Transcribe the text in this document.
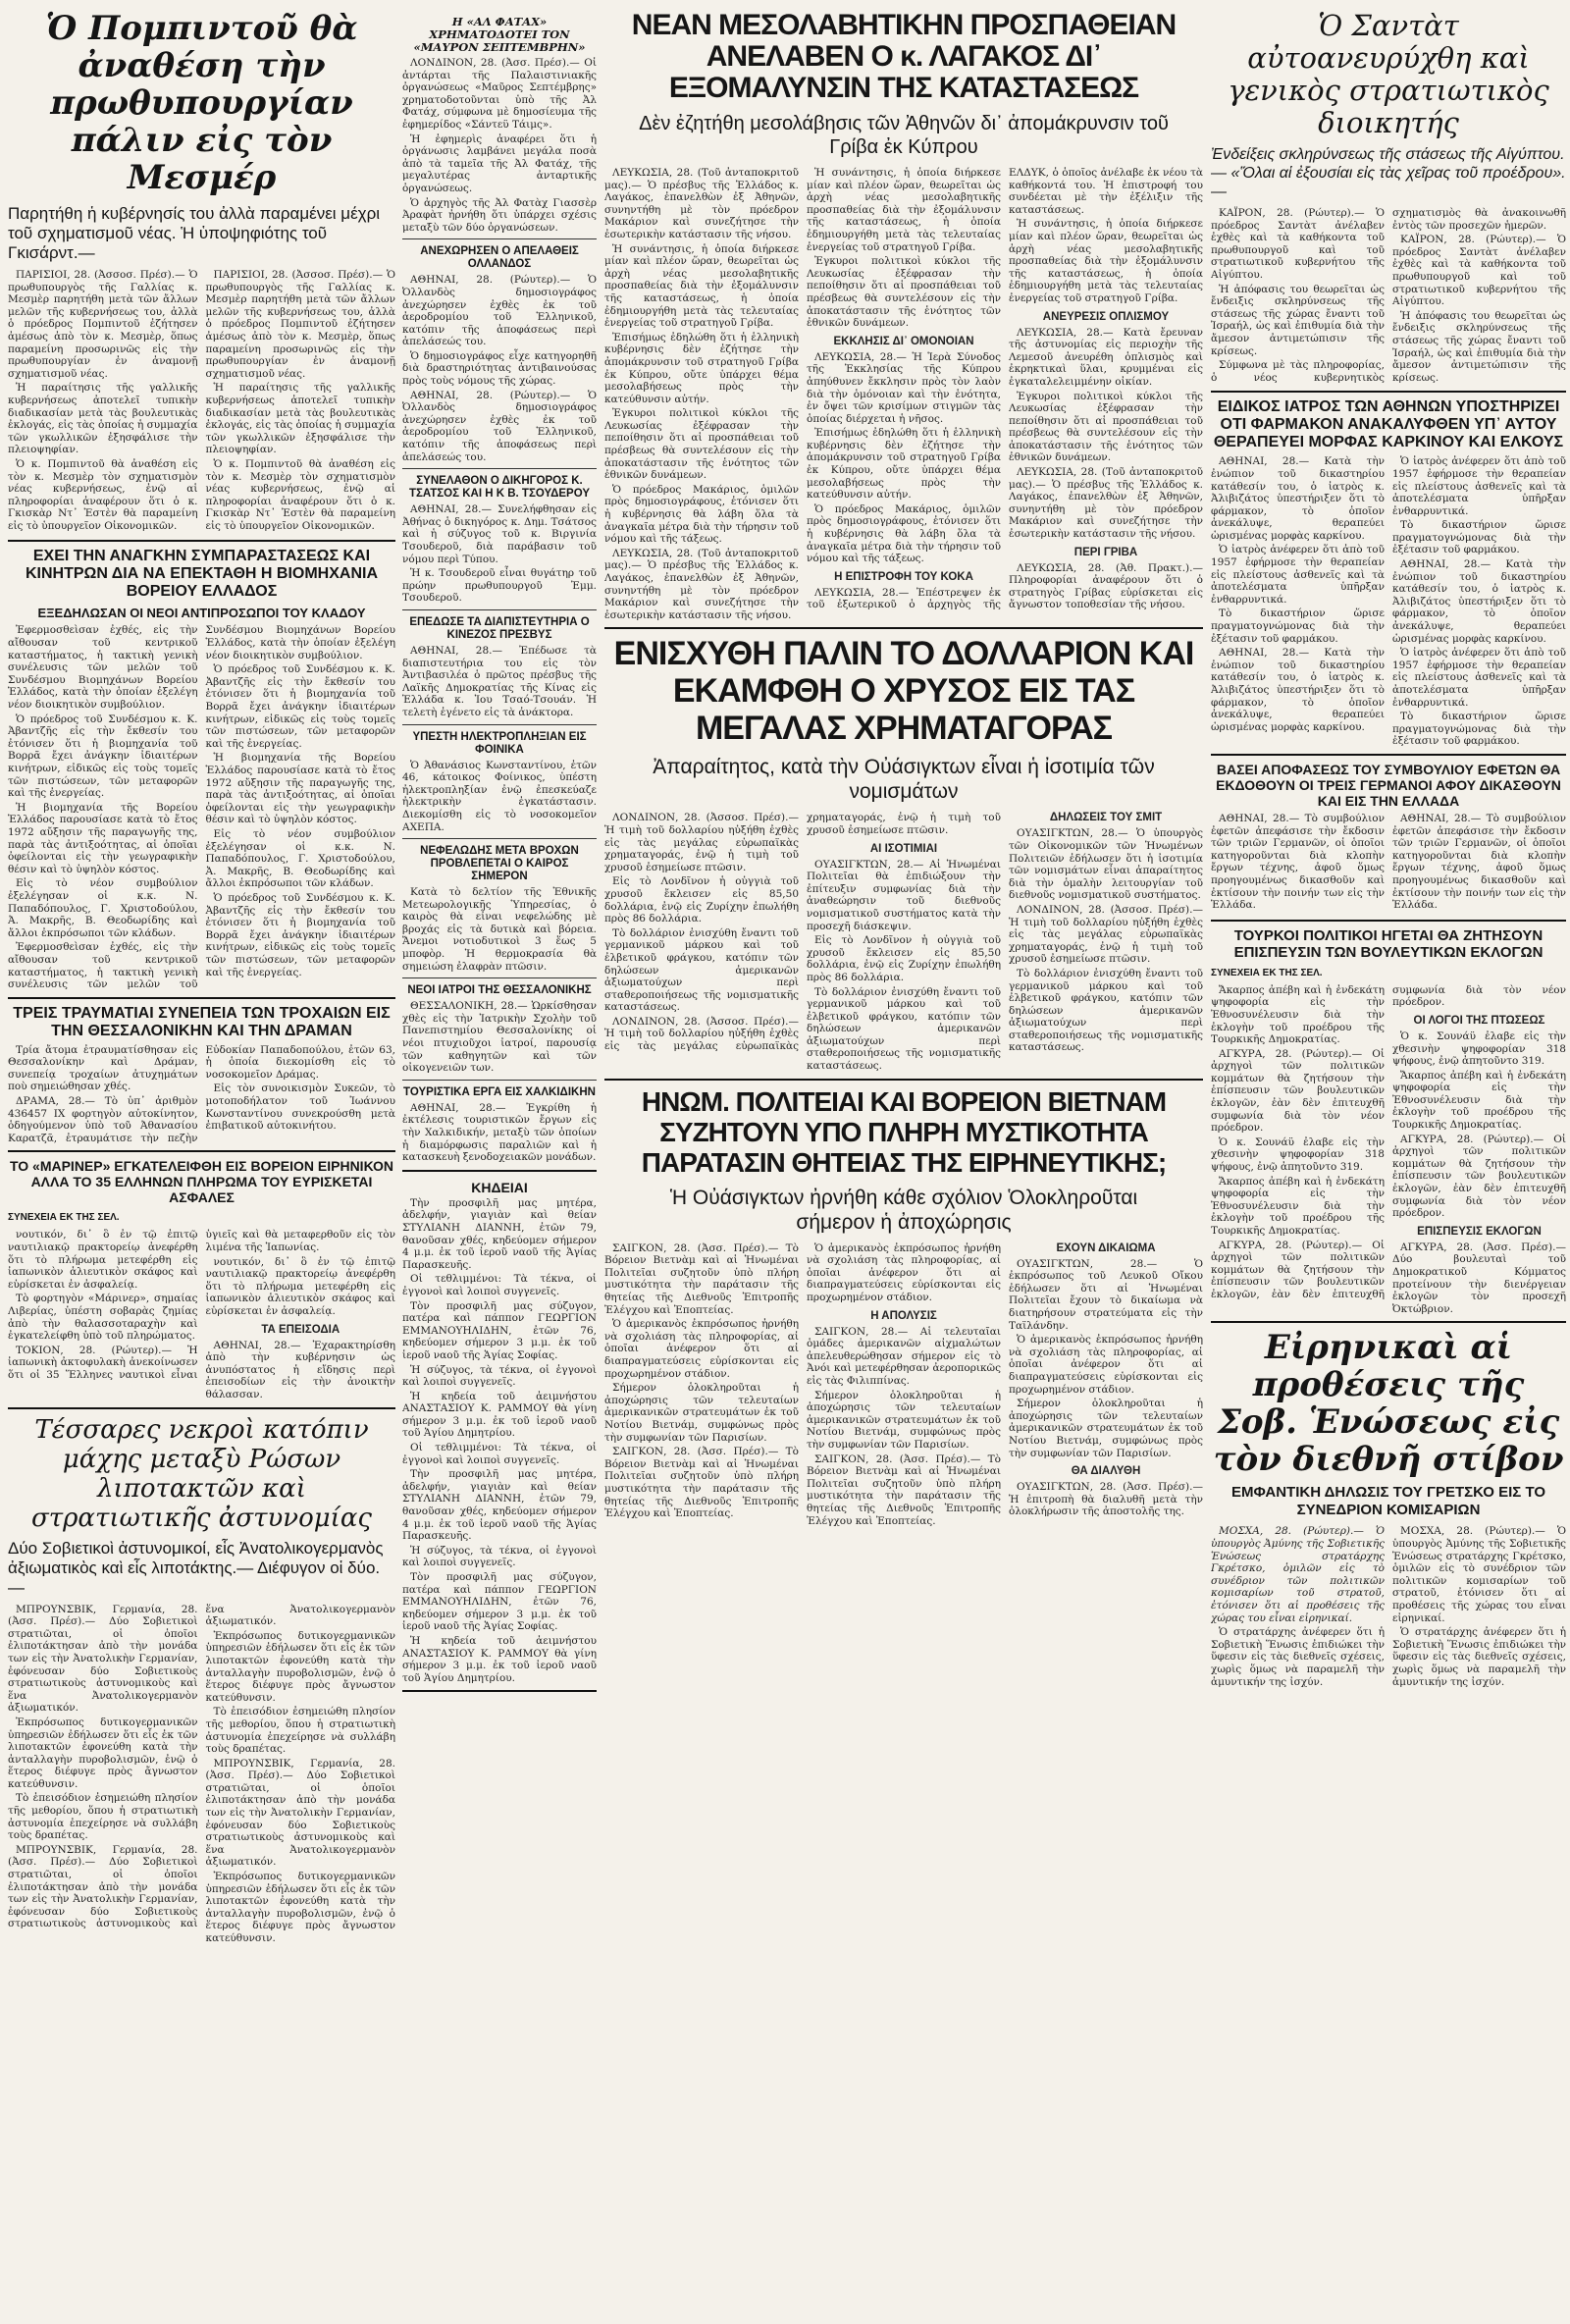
Ὁ Πομπιντοῦ θὰ ἀναθέση τὴν πρωθυπουργίαν πάλιν εἰς τὸν Μεσμέρ
Παρητήθη ἡ κυβέρνησίς του ἀλλὰ παραμένει μέχρι τοῦ σχηματισμοῦ νέας. Ἡ ὑποψηφιότης τοῦ Γκισάρντ.—

ΠΑΡΙΣΙΟΙ, 28. (Ἀσσοσ. Πρέσ).— Ὁ πρωθυπουργὸς τῆς Γαλλίας κ. Μεσμὲρ παρητήθη μετὰ τῶν ἄλλων μελῶν τῆς κυβερνήσεως του, ἀλλὰ ὁ πρόεδρος Πομπιντοῦ ἐζήτησεν ἀμέσως ἀπὸ τὸν κ. Μεσμὲρ, ὅπως παραμείνη προσωρινῶς εἰς τὴν πρωθυπουργίαν ἐν ἀναμονῇ σχηματισμοῦ νέας.

Ἡ παραίτησις τῆς γαλλικῆς κυβερνήσεως ἀποτελεῖ τυπικὴν διαδικασίαν μετὰ τὰς βουλευτικὰς ἐκλογάς, εἰς τὰς ὁποίας ἡ συμμαχία τῶν γκωλλικῶν ἐξησφάλισε τὴν πλειοψηφίαν.

Ὁ κ. Πομπιντοῦ θὰ ἀναθέση εἰς τὸν κ. Μεσμὲρ τὸν σχηματισμὸν νέας κυβερνήσεως, ἐνῷ αἱ πληροφορίαι ἀναφέρουν ὅτι ὁ κ. Γκισκὰρ Ντ᾽ Ἐστὲν θὰ παραμείνη εἰς τὸ ὑπουργεῖον Οἰκονομικῶν.

ΠΑΡΙΣΙΟΙ, 28. (Ἀσσοσ. Πρέσ).— Ὁ πρωθυπουργὸς τῆς Γαλλίας κ. Μεσμὲρ παρητήθη μετὰ τῶν ἄλλων μελῶν τῆς κυβερνήσεως του, ἀλλὰ ὁ πρόεδρος Πομπιντοῦ ἐζήτησεν ἀμέσως ἀπὸ τὸν κ. Μεσμὲρ, ὅπως παραμείνη προσωρινῶς εἰς τὴν πρωθυπουργίαν ἐν ἀναμονῇ σχηματισμοῦ νέας.

Ἡ παραίτησις τῆς γαλλικῆς κυβερνήσεως ἀποτελεῖ τυπικὴν διαδικασίαν μετὰ τὰς βουλευτικὰς ἐκλογάς, εἰς τὰς ὁποίας ἡ συμμαχία τῶν γκωλλικῶν ἐξησφάλισε τὴν πλειοψηφίαν.

Ὁ κ. Πομπιντοῦ θὰ ἀναθέση εἰς τὸν κ. Μεσμὲρ τὸν σχηματισμὸν νέας κυβερνήσεως, ἐνῷ αἱ πληροφορίαι ἀναφέρουν ὅτι ὁ κ. Γκισκὰρ Ντ᾽ Ἐστὲν θὰ παραμείνη εἰς τὸ ὑπουργεῖον Οἰκονομικῶν.

ΕΧΕΙ ΤΗΝ ΑΝΑΓΚΗΝ ΣΥΜΠΑΡΑΣΤΑΣΕΩΣ ΚΑΙ ΚΙΝΗΤΡΩΝ ΔΙΑ ΝΑ ΕΠΕΚΤΑΘΗ Η ΒΙΟΜΗΧΑΝΙΑ ΒΟΡΕΙΟΥ ΕΛΛΑΔΟΣ
ΕΞΕΔΗΛΩΣΑΝ ΟΙ ΝΕΟΙ ΑΝΤΙΠΡΟΣΩΠΟΙ ΤΟΥ ΚΛΑΔΟΥ

Ἐφερμοσθεὶσαν ἐχθές, εἰς τὴν αἴθουσαν τοῦ κεντρικοῦ καταστήματος, ἡ τακτικὴ γενικὴ συνέλευσις τῶν μελῶν τοῦ Συνδέσμου Βιομηχάνων Βορείου Ἑλλάδος, κατὰ τὴν ὁποίαν ἐξελέγη νέον διοικητικὸν συμβούλιον.

Ὁ πρόεδρος τοῦ Συνδέσμου κ. Κ. Ἀβαντζῆς εἰς τὴν ἔκθεσίν του ἐτόνισεν ὅτι ἡ βιομηχανία τοῦ Βορρᾶ ἔχει ἀνάγκην ἰδιαιτέρων κινήτρων, εἰδικῶς εἰς τοὺς τομεῖς τῶν πιστώσεων, τῶν μεταφορῶν καὶ τῆς ἐνεργείας.

Ἡ βιομηχανία τῆς Βορείου Ἑλλάδος παρουσίασε κατὰ τὸ ἔτος 1972 αὔξησιν τῆς παραγωγῆς της, παρὰ τὰς ἀντιξοότητας, αἱ ὁποῖαι ὀφείλονται εἰς τὴν γεωγραφικὴν θέσιν καὶ τὸ ὑψηλὸν κόστος.

Εἰς τὸ νέον συμβούλιον ἐξελέγησαν οἱ κ.κ. Ν. Παπαδόπουλος, Γ. Χριστοδούλου, Ἀ. Μακρῆς, Β. Θεοδωρίδης καὶ ἄλλοι ἐκπρόσωποι τῶν κλάδων.

Ἐφερμοσθεὶσαν ἐχθές, εἰς τὴν αἴθουσαν τοῦ κεντρικοῦ καταστήματος, ἡ τακτικὴ γενικὴ συνέλευσις τῶν μελῶν τοῦ Συνδέσμου Βιομηχάνων Βορείου Ἑλλάδος, κατὰ τὴν ὁποίαν ἐξελέγη νέον διοικητικὸν συμβούλιον.

Ὁ πρόεδρος τοῦ Συνδέσμου κ. Κ. Ἀβαντζῆς εἰς τὴν ἔκθεσίν του ἐτόνισεν ὅτι ἡ βιομηχανία τοῦ Βορρᾶ ἔχει ἀνάγκην ἰδιαιτέρων κινήτρων, εἰδικῶς εἰς τοὺς τομεῖς τῶν πιστώσεων, τῶν μεταφορῶν καὶ τῆς ἐνεργείας.

Ἡ βιομηχανία τῆς Βορείου Ἑλλάδος παρουσίασε κατὰ τὸ ἔτος 1972 αὔξησιν τῆς παραγωγῆς της, παρὰ τὰς ἀντιξοότητας, αἱ ὁποῖαι ὀφείλονται εἰς τὴν γεωγραφικὴν θέσιν καὶ τὸ ὑψηλὸν κόστος.

Εἰς τὸ νέον συμβούλιον ἐξελέγησαν οἱ κ.κ. Ν. Παπαδόπουλος, Γ. Χριστοδούλου, Ἀ. Μακρῆς, Β. Θεοδωρίδης καὶ ἄλλοι ἐκπρόσωποι τῶν κλάδων.

Ὁ πρόεδρος τοῦ Συνδέσμου κ. Κ. Ἀβαντζῆς εἰς τὴν ἔκθεσίν του ἐτόνισεν ὅτι ἡ βιομηχανία τοῦ Βορρᾶ ἔχει ἀνάγκην ἰδιαιτέρων κινήτρων, εἰδικῶς εἰς τοὺς τομεῖς τῶν πιστώσεων, τῶν μεταφορῶν καὶ τῆς ἐνεργείας.

ΤΡΕΙΣ ΤΡΑΥΜΑΤΙΑΙ ΣΥΝΕΠΕΙΑ ΤΩΝ ΤΡΟΧΑΙΩΝ ΕΙΣ ΤΗΝ ΘΕΣΣΑΛΟΝΙΚΗΝ ΚΑΙ ΤΗΝ ΔΡΑΜΑΝ

Τρία ἄτομα ἐτραυματίσθησαν εἰς Θεσσαλονίκην καὶ Δράμαν, συνεπείᾳ τροχαίων ἀτυχημάτων ποὺ σημειώθησαν χθές.

ΔΡΑΜΑ, 28.— Τὸ ὑπ᾽ ἀριθμὸν 436457 ΙΧ φορτηγὸν αὐτοκίνητον, ὁδηγούμενον ὑπὸ τοῦ Ἀθανασίου Καρατζᾶ, ἐτραυμάτισε τὴν πεζὴν Εὐδοκίαν Παπαδοπούλου, ἐτῶν 63, ἡ ὁποία διεκομίσθη εἰς τὸ νοσοκομεῖον Δράμας.

Εἰς τὸν συνοικισμὸν Συκεῶν, τὸ μοτοποδήλατον τοῦ Ἰωάννου Κωνσταντίνου συνεκρούσθη μετὰ ἐπιβατικοῦ αὐτοκινήτου.

ΤΟ «ΜΑΡΙΝΕΡ» ΕΓΚΑΤΕΛΕΙΦΘΗ ΕΙΣ ΒΟΡΕΙΟΝ ΕΙΡΗΝΙΚΟΝ ΑΛΛΑ ΤΟ 35 ΕΛΛΗΝΩΝ ΠΛΗΡΩΜΑ ΤΟΥ ΕΥΡΙΣΚΕΤΑΙ ΑΣΦΑΛΕΣ
ΣΥΝΕΧΕΙΑ ΕΚ ΤΗΣ ΣΕΛ.

νουτικόν, δι᾽ ὃ ἐν τῷ ἐπιτῷ ναυτιλιακῷ πρακτορείῳ ἀνεφέρθη ὅτι τὸ πλήρωμα μετεφέρθη εἰς ἰαπωνικὸν ἁλιευτικὸν σκάφος καὶ εὑρίσκεται ἐν ἀσφαλείᾳ.

Τὸ φορτηγὸν «Μάρινερ», σημαίας Λιβερίας, ὑπέστη σοβαρὰς ζημίας ἀπὸ τὴν θαλασσοταραχὴν καὶ ἐγκατελείφθη ὑπὸ τοῦ πληρώματος.

ΤΟΚΙΟΝ, 28. (Ρώυτερ).— Ἡ ἰαπωνικὴ ἀκτοφυλακὴ ἀνεκοίνωσεν ὅτι οἱ 35 Ἕλληνες ναυτικοὶ εἶναι ὑγιεῖς καὶ θὰ μεταφερθοῦν εἰς τὸν λιμένα τῆς Ἰαπωνίας.

νουτικόν, δι᾽ ὃ ἐν τῷ ἐπιτῷ ναυτιλιακῷ πρακτορείῳ ἀνεφέρθη ὅτι τὸ πλήρωμα μετεφέρθη εἰς ἰαπωνικὸν ἁλιευτικὸν σκάφος καὶ εὑρίσκεται ἐν ἀσφαλείᾳ.

ΤΑ ΕΠΕΙΣΟΔΙΑ

ΑΘΗΝΑΙ, 28.— Ἐχαρακτηρίσθη ἀπὸ τὴν κυβέρνησιν ὡς ἀνυπόστατος ἡ εἴδησις περὶ ἐπεισοδίων εἰς τὴν ἀνοικτὴν θάλασσαν.

Τέσσαρες νεκροὶ κατόπιν μάχης μεταξὺ Ρώσων λιποτακτῶν καὶ στρατιωτικῆς ἀστυνομίας
Δύο Σοβιετικοὶ ἀστυνομικοί, εἷς Ἀνατολικογερμανὸς ἀξιωματικὸς καὶ εἷς λιποτάκτης.— Διέφυγον οἱ δύο.—

ΜΠΡΟΥΝΣΒΙΚ, Γερμανία, 28. (Ἀσσ. Πρέσ).— Δύο Σοβιετικοὶ στρατιῶται, οἱ ὁποῖοι ἐλιποτάκτησαν ἀπὸ τὴν μονάδα των εἰς τὴν Ἀνατολικὴν Γερμανίαν, ἐφόνευσαν δύο Σοβιετικοὺς στρατιωτικοὺς ἀστυνομικοὺς καὶ ἕνα Ἀνατολικογερμανὸν ἀξιωματικόν.

Ἐκπρόσωπος δυτικογερμανικῶν ὑπηρεσιῶν ἐδήλωσεν ὅτι εἷς ἐκ τῶν λιποτακτῶν ἐφονεύθη κατὰ τὴν ἀνταλλαγὴν πυροβολισμῶν, ἐνῷ ὁ ἕτερος διέφυγε πρὸς ἄγνωστον κατεύθυνσιν.

Τὸ ἐπεισόδιον ἐσημειώθη πλησίον τῆς μεθορίου, ὅπου ἡ στρατιωτικὴ ἀστυνομία ἐπεχείρησε νὰ συλλάβη τοὺς δραπέτας.

ΜΠΡΟΥΝΣΒΙΚ, Γερμανία, 28. (Ἀσσ. Πρέσ).— Δύο Σοβιετικοὶ στρατιῶται, οἱ ὁποῖοι ἐλιποτάκτησαν ἀπὸ τὴν μονάδα των εἰς τὴν Ἀνατολικὴν Γερμανίαν, ἐφόνευσαν δύο Σοβιετικοὺς στρατιωτικοὺς ἀστυνομικοὺς καὶ ἕνα Ἀνατολικογερμανὸν ἀξιωματικόν.

Ἐκπρόσωπος δυτικογερμανικῶν ὑπηρεσιῶν ἐδήλωσεν ὅτι εἷς ἐκ τῶν λιποτακτῶν ἐφονεύθη κατὰ τὴν ἀνταλλαγὴν πυροβολισμῶν, ἐνῷ ὁ ἕτερος διέφυγε πρὸς ἄγνωστον κατεύθυνσιν.

Τὸ ἐπεισόδιον ἐσημειώθη πλησίον τῆς μεθορίου, ὅπου ἡ στρατιωτικὴ ἀστυνομία ἐπεχείρησε νὰ συλλάβη τοὺς δραπέτας.

ΜΠΡΟΥΝΣΒΙΚ, Γερμανία, 28. (Ἀσσ. Πρέσ).— Δύο Σοβιετικοὶ στρατιῶται, οἱ ὁποῖοι ἐλιποτάκτησαν ἀπὸ τὴν μονάδα των εἰς τὴν Ἀνατολικὴν Γερμανίαν, ἐφόνευσαν δύο Σοβιετικοὺς στρατιωτικοὺς ἀστυνομικοὺς καὶ ἕνα Ἀνατολικογερμανὸν ἀξιωματικόν.

Ἐκπρόσωπος δυτικογερμανικῶν ὑπηρεσιῶν ἐδήλωσεν ὅτι εἷς ἐκ τῶν λιποτακτῶν ἐφονεύθη κατὰ τὴν ἀνταλλαγὴν πυροβολισμῶν, ἐνῷ ὁ ἕτερος διέφυγε πρὸς ἄγνωστον κατεύθυνσιν.

Η «ΑΛ ΦΑΤΑΧ» ΧΡΗΜΑΤΟΔΟΤΕΙ ΤΟΝ «ΜΑΥΡΟΝ ΣΕΠΤΕΜΒΡΗΝ»

ΛΟΝΔΙΝΟΝ, 28. (Ἀσσ. Πρέσ).— Οἱ ἀντάρται τῆς Παλαιστινιακῆς ὀργανώσεως «Μαῦρος Σεπτέμβρης» χρηματοδοτοῦνται ὑπὸ τῆς Ἀλ Φατάχ, σύμφωνα μὲ δημοσίευμα τῆς ἐφημερίδος «Σάντεϋ Τάιμς».

Ἡ ἐφημερὶς ἀναφέρει ὅτι ἡ ὀργάνωσις λαμβάνει μεγάλα ποσὰ ἀπὸ τὰ ταμεῖα τῆς Ἀλ Φατάχ, τῆς μεγαλυτέρας ἀνταρτικῆς ὀργανώσεως.

Ὁ ἀρχηγὸς τῆς Ἀλ Φατὰχ Γιασσὲρ Ἀραφὰτ ἠρνήθη ὅτι ὑπάρχει σχέσις μεταξὺ τῶν δύο ὀργανώσεων.

ΑΝΕΧΩΡΗΣΕΝ Ο ΑΠΕΛΑΘΕΙΣ ΟΛΛΑΝΔΟΣ

ΑΘΗΝΑΙ, 28. (Ρώυτερ).— Ὁ Ὀλλανδὸς δημοσιογράφος ἀνεχώρησεν ἐχθὲς ἐκ τοῦ ἀεροδρομίου τοῦ Ἑλληνικοῦ, κατόπιν τῆς ἀποφάσεως περὶ ἀπελάσεώς του.

Ὁ δημοσιογράφος εἶχε κατηγορηθῆ διὰ δραστηριότητας ἀντιβαινούσας πρὸς τοὺς νόμους τῆς χώρας.

ΑΘΗΝΑΙ, 28. (Ρώυτερ).— Ὁ Ὀλλανδὸς δημοσιογράφος ἀνεχώρησεν ἐχθὲς ἐκ τοῦ ἀεροδρομίου τοῦ Ἑλληνικοῦ, κατόπιν τῆς ἀποφάσεως περὶ ἀπελάσεώς του.

ΣΥΝΕΛΑΘΟΝ Ο ΔΙΚΗΓΟΡΟΣ Κ. ΤΣΑΤΣΟΣ ΚΑΙ Η Κ Β. ΤΣΟΥΔΕΡΟΥ

ΑΘΗΝΑΙ, 28.— Συνελήφθησαν εἰς Ἀθήνας ὁ δικηγόρος κ. Δημ. Τσάτσος καὶ ἡ σύζυγος τοῦ κ. Βιργινία Τσουδεροῦ, διὰ παράβασιν τοῦ νόμου περὶ Τύπου.

Ἡ κ. Τσουδεροῦ εἶναι θυγάτηρ τοῦ πρώην πρωθυπουργοῦ Ἐμμ. Τσουδεροῦ.

ΕΠΕΔΩΣΕ ΤΑ ΔΙΑΠΙΣΤΕΥΤΗΡΙΑ Ο ΚΙΝΕΖΟΣ ΠΡΕΣΒΥΣ

ΑΘΗΝΑΙ, 28.— Ἐπέδωσε τὰ διαπιστευτήρια του εἰς τὸν Ἀντιβασιλέα ὁ πρῶτος πρέσβυς τῆς Λαϊκῆς Δημοκρατίας τῆς Κίνας εἰς Ἑλλάδα κ. Ἰου Τσαό-Τσουάν. Ἡ τελετὴ ἐγένετο εἰς τὰ ἀνάκτορα.

ΥΠΕΣΤΗ ΗΛΕΚΤΡΟΠΛΗΞΙΑΝ ΕΙΣ ΦΟΙΝΙΚΑ

Ὁ Ἀθανάσιος Κωνσταντίνου, ἐτῶν 46, κάτοικος Φοίνικος, ὑπέστη ἠλεκτροπληξίαν ἐνῷ ἐπεσκεύαζε ἠλεκτρικὴν ἐγκατάστασιν. Διεκομίσθη εἰς τὸ νοσοκομεῖον ΑΧΕΠΑ.

ΝΕΦΕΛΩΔΗΣ ΜΕΤΑ ΒΡΟΧΩΝ ΠΡΟΒΛΕΠΕΤΑΙ Ο ΚΑΙΡΟΣ ΣΗΜΕΡΟΝ

Κατὰ τὸ δελτίον τῆς Ἐθνικῆς Μετεωρολογικῆς Ὑπηρεσίας, ὁ καιρὸς θὰ εἶναι νεφελώδης μὲ βροχάς εἰς τὰ δυτικὰ καὶ βόρεια. Ἄνεμοι νοτιοδυτικοὶ 3 ἕως 5 μποφὸρ. Ἡ θερμοκρασία θὰ σημειώση ἐλαφρὰν πτῶσιν.

ΝΕΟΙ ΙΑΤΡΟΙ ΤΗΣ ΘΕΣΣΑΛΟΝΙΚΗΣ

ΘΕΣΣΑΛΟΝΙΚΗ, 28.— Ὡρκίσθησαν χθὲς εἰς τὴν Ἰατρικὴν Σχολὴν τοῦ Πανεπιστημίου Θεσσαλονίκης οἱ νέοι πτυχιοῦχοι ἰατροί, παρουσίᾳ τῶν καθηγητῶν καὶ τῶν οἰκογενειῶν των.

ΤΟΥΡΙΣΤΙΚΑ ΕΡΓΑ ΕΙΣ ΧΑΛΚΙΔΙΚΗΝ

ΑΘΗΝΑΙ, 28.— Ἐγκρίθη ἡ ἐκτέλεσις τουριστικῶν ἔργων εἰς τὴν Χαλκιδικήν, μεταξὺ τῶν ὁποίων ἡ διαμόρφωσις παραλιῶν καὶ ἡ κατασκευὴ ξενοδοχειακῶν μονάδων.

ΚΗΔΕΙΑΙ

Τὴν προσφιλῆ μας μητέρα, ἀδελφήν, γιαγιὰν καὶ θείαν ΣΤΥΛΙΑΝΗ ΔΙΑΝΝΗ, ἐτῶν 79, θανοῦσαν χθές, κηδεύομεν σήμερον 4 μ.μ. ἐκ τοῦ ἱεροῦ ναοῦ τῆς Ἁγίας Παρασκευῆς.

Οἱ τεθλιμμένοι: Τὰ τέκνα, οἱ ἐγγονοὶ καὶ λοιποὶ συγγενεῖς.

Τὸν προσφιλῆ μας σύζυγον, πατέρα καὶ πάππον ΓΕΩΡΓΙΟΝ ΕΜΜΑΝΟΥΗΛΙΔΗΝ, ἐτῶν 76, κηδεύομεν σήμερον 3 μ.μ. ἐκ τοῦ ἱεροῦ ναοῦ τῆς Ἁγίας Σοφίας.

Ἡ σύζυγος, τὰ τέκνα, οἱ ἐγγονοὶ καὶ λοιποὶ συγγενεῖς.

Ἡ κηδεία τοῦ ἀειμνήστου ΑΝΑΣΤΑΣΙΟΥ Κ. ΡΑΜΜΟΥ θὰ γίνη σήμερον 3 μ.μ. ἐκ τοῦ ἱεροῦ ναοῦ τοῦ Ἁγίου Δημητρίου.

Οἱ τεθλιμμένοι: Τὰ τέκνα, οἱ ἐγγονοὶ καὶ λοιποὶ συγγενεῖς.

Τὴν προσφιλῆ μας μητέρα, ἀδελφήν, γιαγιὰν καὶ θείαν ΣΤΥΛΙΑΝΗ ΔΙΑΝΝΗ, ἐτῶν 79, θανοῦσαν χθές, κηδεύομεν σήμερον 4 μ.μ. ἐκ τοῦ ἱεροῦ ναοῦ τῆς Ἁγίας Παρασκευῆς.

Ἡ σύζυγος, τὰ τέκνα, οἱ ἐγγονοὶ καὶ λοιποὶ συγγενεῖς.

Τὸν προσφιλῆ μας σύζυγον, πατέρα καὶ πάππον ΓΕΩΡΓΙΟΝ ΕΜΜΑΝΟΥΗΛΙΔΗΝ, ἐτῶν 76, κηδεύομεν σήμερον 3 μ.μ. ἐκ τοῦ ἱεροῦ ναοῦ τῆς Ἁγίας Σοφίας.

Ἡ κηδεία τοῦ ἀειμνήστου ΑΝΑΣΤΑΣΙΟΥ Κ. ΡΑΜΜΟΥ θὰ γίνη σήμερον 3 μ.μ. ἐκ τοῦ ἱεροῦ ναοῦ τοῦ Ἁγίου Δημητρίου.

ΝΕΑΝ ΜΕΣΟΛΑΒΗΤΙΚΗΝ ΠΡΟΣΠΑΘΕΙΑΝ ΑΝΕΛΑΒΕΝ Ο κ. ΛΑΓΑΚΟΣ ΔΙ᾽ ΕΞΟΜΑΛΥΝΣΙΝ ΤΗΣ ΚΑΤΑΣΤΑΣΕΩΣ
Δὲν ἐζητήθη μεσολάβησις τῶν Ἀθηνῶν δι᾽ ἀπομάκρυνσιν τοῦ Γρίβα ἐκ Κύπρου

ΛΕΥΚΩΣΙΑ, 28. (Τοῦ ἀνταποκριτοῦ μας).— Ὁ πρέσβυς τῆς Ἑλλάδος κ. Λαγάκος, ἐπανελθὼν ἐξ Ἀθηνῶν, συνηντήθη μὲ τὸν πρόεδρον Μακάριον καὶ συνεζήτησε τὴν ἐσωτερικὴν κατάστασιν τῆς νήσου.

Ἡ συνάντησις, ἡ ὁποία διήρκεσε μίαν καὶ πλέον ὥραν, θεωρεῖται ὡς ἀρχὴ νέας μεσολαβητικῆς προσπαθείας διὰ τὴν ἐξομάλυνσιν τῆς καταστάσεως, ἡ ὁποία ἐδημιουργήθη μετὰ τὰς τελευταίας ἐνεργείας τοῦ στρατηγοῦ Γρίβα.

Ἐπισήμως ἐδηλώθη ὅτι ἡ ἑλληνικὴ κυβέρνησις δὲν ἐζήτησε τὴν ἀπομάκρυνσιν τοῦ στρατηγοῦ Γρίβα ἐκ Κύπρου, οὔτε ὑπάρχει θέμα μεσολαβήσεως πρὸς τὴν κατεύθυνσιν αὐτήν.

Ἐγκυροι πολιτικοὶ κύκλοι τῆς Λευκωσίας ἐξέφρασαν τὴν πεποίθησιν ὅτι αἱ προσπάθειαι τοῦ πρέσβεως θὰ συντελέσουν εἰς τὴν ἀποκατάστασιν τῆς ἑνότητος τῶν ἐθνικῶν δυνάμεων.

Ὁ πρόεδρος Μακάριος, ὁμιλῶν πρὸς δημοσιογράφους, ἐτόνισεν ὅτι ἡ κυβέρνησις θὰ λάβη ὅλα τὰ ἀναγκαῖα μέτρα διὰ τὴν τήρησιν τοῦ νόμου καὶ τῆς τάξεως.

ΛΕΥΚΩΣΙΑ, 28. (Τοῦ ἀνταποκριτοῦ μας).— Ὁ πρέσβυς τῆς Ἑλλάδος κ. Λαγάκος, ἐπανελθὼν ἐξ Ἀθηνῶν, συνηντήθη μὲ τὸν πρόεδρον Μακάριον καὶ συνεζήτησε τὴν ἐσωτερικὴν κατάστασιν τῆς νήσου.

Ἡ συνάντησις, ἡ ὁποία διήρκεσε μίαν καὶ πλέον ὥραν, θεωρεῖται ὡς ἀρχὴ νέας μεσολαβητικῆς προσπαθείας διὰ τὴν ἐξομάλυνσιν τῆς καταστάσεως, ἡ ὁποία ἐδημιουργήθη μετὰ τὰς τελευταίας ἐνεργείας τοῦ στρατηγοῦ Γρίβα.

Ἐγκυροι πολιτικοὶ κύκλοι τῆς Λευκωσίας ἐξέφρασαν τὴν πεποίθησιν ὅτι αἱ προσπάθειαι τοῦ πρέσβεως θὰ συντελέσουν εἰς τὴν ἀποκατάστασιν τῆς ἑνότητος τῶν ἐθνικῶν δυνάμεων.

ΕΚΚΛΗΣΙΣ ΔΙ᾽ ΟΜΟΝΟΙΑΝ

ΛΕΥΚΩΣΙΑ, 28.— Ἡ Ἱερὰ Σύνοδος τῆς Ἐκκλησίας τῆς Κύπρου ἀπηύθυνεν ἔκκλησιν πρὸς τὸν λαὸν διὰ τὴν ὁμόνοιαν καὶ τὴν ἑνότητα, ἐν ὄψει τῶν κρισίμων στιγμῶν τὰς ὁποίας διέρχεται ἡ νῆσος.

Ἐπισήμως ἐδηλώθη ὅτι ἡ ἑλληνικὴ κυβέρνησις δὲν ἐζήτησε τὴν ἀπομάκρυνσιν τοῦ στρατηγοῦ Γρίβα ἐκ Κύπρου, οὔτε ὑπάρχει θέμα μεσολαβήσεως πρὸς τὴν κατεύθυνσιν αὐτήν.

Ὁ πρόεδρος Μακάριος, ὁμιλῶν πρὸς δημοσιογράφους, ἐτόνισεν ὅτι ἡ κυβέρνησις θὰ λάβη ὅλα τὰ ἀναγκαῖα μέτρα διὰ τὴν τήρησιν τοῦ νόμου καὶ τῆς τάξεως.

Η ΕΠΙΣΤΡΟΦΗ ΤΟΥ ΚΟΚΑ

ΛΕΥΚΩΣΙΑ, 28.— Ἐπέστρεψεν ἐκ τοῦ ἐξωτερικοῦ ὁ ἀρχηγὸς τῆς ΕΛΔΥΚ, ὁ ὁποῖος ἀνέλαβε ἐκ νέου τὰ καθήκοντά του. Ἡ ἐπιστροφή του συνδέεται μὲ τὴν ἐξέλιξιν τῆς καταστάσεως.

Ἡ συνάντησις, ἡ ὁποία διήρκεσε μίαν καὶ πλέον ὥραν, θεωρεῖται ὡς ἀρχὴ νέας μεσολαβητικῆς προσπαθείας διὰ τὴν ἐξομάλυνσιν τῆς καταστάσεως, ἡ ὁποία ἐδημιουργήθη μετὰ τὰς τελευταίας ἐνεργείας τοῦ στρατηγοῦ Γρίβα.

ΑΝΕΥΡΕΣΙΣ ΟΠΛΙΣΜΟΥ

ΛΕΥΚΩΣΙΑ, 28.— Κατὰ ἔρευναν τῆς ἀστυνομίας εἰς περιοχὴν τῆς Λεμεσοῦ ἀνευρέθη ὁπλισμὸς καὶ ἐκρηκτικαὶ ὕλαι, κρυμμέναι εἰς ἐγκαταλελειμμένην οἰκίαν.

Ἐγκυροι πολιτικοὶ κύκλοι τῆς Λευκωσίας ἐξέφρασαν τὴν πεποίθησιν ὅτι αἱ προσπάθειαι τοῦ πρέσβεως θὰ συντελέσουν εἰς τὴν ἀποκατάστασιν τῆς ἑνότητος τῶν ἐθνικῶν δυνάμεων.

ΛΕΥΚΩΣΙΑ, 28. (Τοῦ ἀνταποκριτοῦ μας).— Ὁ πρέσβυς τῆς Ἑλλάδος κ. Λαγάκος, ἐπανελθὼν ἐξ Ἀθηνῶν, συνηντήθη μὲ τὸν πρόεδρον Μακάριον καὶ συνεζήτησε τὴν ἐσωτερικὴν κατάστασιν τῆς νήσου.

ΠΕΡΙ ΓΡΙΒΑ

ΛΕΥΚΩΣΙΑ, 28. (Ἀθ. Πρακτ.).— Πληροφορίαι ἀναφέρουν ὅτι ὁ στρατηγὸς Γρίβας εὑρίσκεται εἰς ἄγνωστον τοποθεσίαν τῆς νήσου.

ΕΝΙΣΧΥΘΗ ΠΑΛΙΝ ΤΟ ΔΟΛΛΑΡΙΟΝ ΚΑΙ ΕΚΑΜΦΘΗ Ο ΧΡΥΣΟΣ ΕΙΣ ΤΑΣ ΜΕΓΑΛΑΣ ΧΡΗΜΑΤΑΓΟΡΑΣ
Ἀπαραίτητος, κατὰ τὴν Οὐάσιγκτων εἶναι ἡ ἰσοτιμία τῶν νομισμάτων

ΛΟΝΔΙΝΟΝ, 28. (Ἀσσοσ. Πρέσ).— Ἡ τιμὴ τοῦ δολλαρίου ηὐξήθη ἐχθὲς εἰς τὰς μεγάλας εὐρωπαϊκὰς χρηματαγοράς, ἐνῷ ἡ τιμὴ τοῦ χρυσοῦ ἐσημείωσε πτῶσιν.

Εἰς τὸ Λονδῖνον ἡ οὐγγιὰ τοῦ χρυσοῦ ἔκλεισεν εἰς 85,50 δολλάρια, ἐνῷ εἰς Ζυρίχην ἐπωλήθη πρὸς 86 δολλάρια.

Τὸ δολλάριον ἐνισχύθη ἔναντι τοῦ γερμανικοῦ μάρκου καὶ τοῦ ἐλβετικοῦ φράγκου, κατόπιν τῶν δηλώσεων ἀμερικανῶν ἀξιωματούχων περὶ σταθεροποιήσεως τῆς νομισματικῆς καταστάσεως.

ΛΟΝΔΙΝΟΝ, 28. (Ἀσσοσ. Πρέσ).— Ἡ τιμὴ τοῦ δολλαρίου ηὐξήθη ἐχθὲς εἰς τὰς μεγάλας εὐρωπαϊκὰς χρηματαγοράς, ἐνῷ ἡ τιμὴ τοῦ χρυσοῦ ἐσημείωσε πτῶσιν.

ΑΙ ΙΣΟΤΙΜΙΑΙ

ΟΥΑΣΙΓΚΤΩΝ, 28.— Αἱ Ἡνωμέναι Πολιτεῖαι θὰ ἐπιδιώξουν τὴν ἐπίτευξιν συμφωνίας διὰ τὴν ἀναθεώρησιν τοῦ διεθνοῦς νομισματικοῦ συστήματος κατὰ τὴν προσεχῆ διάσκεψιν.

Εἰς τὸ Λονδῖνον ἡ οὐγγιὰ τοῦ χρυσοῦ ἔκλεισεν εἰς 85,50 δολλάρια, ἐνῷ εἰς Ζυρίχην ἐπωλήθη πρὸς 86 δολλάρια.

Τὸ δολλάριον ἐνισχύθη ἔναντι τοῦ γερμανικοῦ μάρκου καὶ τοῦ ἐλβετικοῦ φράγκου, κατόπιν τῶν δηλώσεων ἀμερικανῶν ἀξιωματούχων περὶ σταθεροποιήσεως τῆς νομισματικῆς καταστάσεως.

ΔΗΛΩΣΕΙΣ ΤΟΥ ΣΜΙΤ

ΟΥΑΣΙΓΚΤΩΝ, 28.— Ὁ ὑπουργὸς τῶν Οἰκονομικῶν τῶν Ἡνωμένων Πολιτειῶν ἐδήλωσεν ὅτι ἡ ἰσοτιμία τῶν νομισμάτων εἶναι ἀπαραίτητος διὰ τὴν ὁμαλὴν λειτουργίαν τοῦ διεθνοῦς νομισματικοῦ συστήματος.

ΛΟΝΔΙΝΟΝ, 28. (Ἀσσοσ. Πρέσ).— Ἡ τιμὴ τοῦ δολλαρίου ηὐξήθη ἐχθὲς εἰς τὰς μεγάλας εὐρωπαϊκὰς χρηματαγοράς, ἐνῷ ἡ τιμὴ τοῦ χρυσοῦ ἐσημείωσε πτῶσιν.

Τὸ δολλάριον ἐνισχύθη ἔναντι τοῦ γερμανικοῦ μάρκου καὶ τοῦ ἐλβετικοῦ φράγκου, κατόπιν τῶν δηλώσεων ἀμερικανῶν ἀξιωματούχων περὶ σταθεροποιήσεως τῆς νομισματικῆς καταστάσεως.

ΗΝΩΜ. ΠΟΛΙΤΕΙΑΙ ΚΑΙ ΒΟΡΕΙΟΝ ΒΙΕΤΝΑΜ ΣΥΖΗΤΟΥΝ ΥΠΟ ΠΛΗΡΗ ΜΥΣΤΙΚΟΤΗΤΑ ΠΑΡΑΤΑΣΙΝ ΘΗΤΕΙΑΣ ΤΗΣ ΕΙΡΗΝΕΥΤΙΚΗΣ;
Ἡ Οὐάσιγκτων ἠρνήθη κάθε σχόλιον Ὁλοκληροῦται σήμερον ἡ ἀποχώρησις

ΣΑΙΓΚΟΝ, 28. (Ἀσσ. Πρέσ).— Τὸ Βόρειον Βιετνὰμ καὶ αἱ Ἡνωμέναι Πολιτεῖαι συζητοῦν ὑπὸ πλήρη μυστικότητα τὴν παράτασιν τῆς θητείας τῆς Διεθνοῦς Ἐπιτροπῆς Ἐλέγχου καὶ Ἐποπτείας.

Ὁ ἀμερικανὸς ἐκπρόσωπος ἠρνήθη νὰ σχολιάση τὰς πληροφορίας, αἱ ὁποῖαι ἀνέφερον ὅτι αἱ διαπραγματεύσεις εὑρίσκονται εἰς προχωρημένον στάδιον.

Σήμερον ὁλοκληροῦται ἡ ἀποχώρησις τῶν τελευταίων ἀμερικανικῶν στρατευμάτων ἐκ τοῦ Νοτίου Βιετνάμ, συμφώνως πρὸς τὴν συμφωνίαν τῶν Παρισίων.

ΣΑΙΓΚΟΝ, 28. (Ἀσσ. Πρέσ).— Τὸ Βόρειον Βιετνὰμ καὶ αἱ Ἡνωμέναι Πολιτεῖαι συζητοῦν ὑπὸ πλήρη μυστικότητα τὴν παράτασιν τῆς θητείας τῆς Διεθνοῦς Ἐπιτροπῆς Ἐλέγχου καὶ Ἐποπτείας.

Ὁ ἀμερικανὸς ἐκπρόσωπος ἠρνήθη νὰ σχολιάση τὰς πληροφορίας, αἱ ὁποῖαι ἀνέφερον ὅτι αἱ διαπραγματεύσεις εὑρίσκονται εἰς προχωρημένον στάδιον.

Η ΑΠΟΛΥΣΙΣ

ΣΑΙΓΚΟΝ, 28.— Αἱ τελευταῖαι ὁμάδες ἀμερικανῶν αἰχμαλώτων ἀπελευθερώθησαν σήμερον εἰς τὸ Ἀνόι καὶ μετεφέρθησαν ἀεροπορικῶς εἰς τὰς Φιλιππίνας.

Σήμερον ὁλοκληροῦται ἡ ἀποχώρησις τῶν τελευταίων ἀμερικανικῶν στρατευμάτων ἐκ τοῦ Νοτίου Βιετνάμ, συμφώνως πρὸς τὴν συμφωνίαν τῶν Παρισίων.

ΣΑΙΓΚΟΝ, 28. (Ἀσσ. Πρέσ).— Τὸ Βόρειον Βιετνὰμ καὶ αἱ Ἡνωμέναι Πολιτεῖαι συζητοῦν ὑπὸ πλήρη μυστικότητα τὴν παράτασιν τῆς θητείας τῆς Διεθνοῦς Ἐπιτροπῆς Ἐλέγχου καὶ Ἐποπτείας.

ΕΧΟΥΝ ΔΙΚΑΙΩΜΑ

ΟΥΑΣΙΓΚΤΩΝ, 28.— Ὁ ἐκπρόσωπος τοῦ Λευκοῦ Οἴκου ἐδήλωσεν ὅτι αἱ Ἡνωμέναι Πολιτεῖαι ἔχουν τὸ δικαίωμα νὰ διατηρήσουν στρατεύματα εἰς τὴν Ταϊλάνδην.

Ὁ ἀμερικανὸς ἐκπρόσωπος ἠρνήθη νὰ σχολιάση τὰς πληροφορίας, αἱ ὁποῖαι ἀνέφερον ὅτι αἱ διαπραγματεύσεις εὑρίσκονται εἰς προχωρημένον στάδιον.

Σήμερον ὁλοκληροῦται ἡ ἀποχώρησις τῶν τελευταίων ἀμερικανικῶν στρατευμάτων ἐκ τοῦ Νοτίου Βιετνάμ, συμφώνως πρὸς τὴν συμφωνίαν τῶν Παρισίων.

ΘΑ ΔΙΑΛΥΘΗ

ΟΥΑΣΙΓΚΤΩΝ, 28. (Ἀσσ. Πρέσ).— Ἡ ἐπιτροπὴ θὰ διαλυθῆ μετὰ τὴν ὁλοκλήρωσιν τῆς ἀποστολῆς της.

Ὁ Σαντὰτ αὐτοανευρύχθη καὶ γενικὸς στρατιωτικὸς διοικητής
Ἐνδείξεις σκληρύνσεως τῆς στάσεως τῆς Αἰγύπτου.— «Ὅλαι αἱ ἐξουσίαι εἰς τὰς χεῖρας τοῦ προέδρου».—

ΚΑΪΡΟΝ, 28. (Ρώυτερ).— Ὁ πρόεδρος Σαντὰτ ἀνέλαβεν ἐχθὲς καὶ τὰ καθήκοντα τοῦ πρωθυπουργοῦ καὶ τοῦ στρατιωτικοῦ κυβερνήτου τῆς Αἰγύπτου.

Ἡ ἀπόφασις του θεωρεῖται ὡς ἔνδειξις σκληρύνσεως τῆς στάσεως τῆς χώρας ἔναντι τοῦ Ἰσραήλ, ὡς καὶ ἐπιθυμία διὰ τὴν ἄμεσον ἀντιμετώπισιν τῆς κρίσεως.

Σύμφωνα μὲ τὰς πληροφορίας, ὁ νέος κυβερνητικὸς σχηματισμὸς θὰ ἀνακοινωθῆ ἐντὸς τῶν προσεχῶν ἡμερῶν.

ΚΑΪΡΟΝ, 28. (Ρώυτερ).— Ὁ πρόεδρος Σαντὰτ ἀνέλαβεν ἐχθὲς καὶ τὰ καθήκοντα τοῦ πρωθυπουργοῦ καὶ τοῦ στρατιωτικοῦ κυβερνήτου τῆς Αἰγύπτου.

Ἡ ἀπόφασις του θεωρεῖται ὡς ἔνδειξις σκληρύνσεως τῆς στάσεως τῆς χώρας ἔναντι τοῦ Ἰσραήλ, ὡς καὶ ἐπιθυμία διὰ τὴν ἄμεσον ἀντιμετώπισιν τῆς κρίσεως.

ΕΙΔΙΚΟΣ ΙΑΤΡΟΣ ΤΩΝ ΑΘΗΝΩΝ ΥΠΟΣΤΗΡΙΖΕΙ ΟΤΙ ΦΑΡΜΑΚΟΝ ΑΝΑΚΑΛΥΦΘΕΝ ΥΠ᾽ ΑΥΤΟΥ ΘΕΡΑΠΕΥΕΙ ΜΟΡΦΑΣ ΚΑΡΚΙΝΟΥ ΚΑΙ ΕΛΚΟΥΣ

ΑΘΗΝΑΙ, 28.— Κατὰ τὴν ἐνώπιον τοῦ δικαστηρίου κατάθεσίν του, ὁ ἰατρὸς κ. Ἀλιβιζάτος ὑπεστήριξεν ὅτι τὸ φάρμακον, τὸ ὁποῖον ἀνεκάλυψε, θεραπεύει ὡρισμένας μορφὰς καρκίνου.

Ὁ ἰατρὸς ἀνέφερεν ὅτι ἀπὸ τοῦ 1957 ἐφήρμοσε τὴν θεραπείαν εἰς πλείστους ἀσθενεῖς καὶ τὰ ἀποτελέσματα ὑπῆρξαν ἐνθαρρυντικά.

Τὸ δικαστήριον ὥρισε πραγματογνώμονας διὰ τὴν ἐξέτασιν τοῦ φαρμάκου.

ΑΘΗΝΑΙ, 28.— Κατὰ τὴν ἐνώπιον τοῦ δικαστηρίου κατάθεσίν του, ὁ ἰατρὸς κ. Ἀλιβιζάτος ὑπεστήριξεν ὅτι τὸ φάρμακον, τὸ ὁποῖον ἀνεκάλυψε, θεραπεύει ὡρισμένας μορφὰς καρκίνου.

Ὁ ἰατρὸς ἀνέφερεν ὅτι ἀπὸ τοῦ 1957 ἐφήρμοσε τὴν θεραπείαν εἰς πλείστους ἀσθενεῖς καὶ τὰ ἀποτελέσματα ὑπῆρξαν ἐνθαρρυντικά.

Τὸ δικαστήριον ὥρισε πραγματογνώμονας διὰ τὴν ἐξέτασιν τοῦ φαρμάκου.

ΑΘΗΝΑΙ, 28.— Κατὰ τὴν ἐνώπιον τοῦ δικαστηρίου κατάθεσίν του, ὁ ἰατρὸς κ. Ἀλιβιζάτος ὑπεστήριξεν ὅτι τὸ φάρμακον, τὸ ὁποῖον ἀνεκάλυψε, θεραπεύει ὡρισμένας μορφὰς καρκίνου.

Ὁ ἰατρὸς ἀνέφερεν ὅτι ἀπὸ τοῦ 1957 ἐφήρμοσε τὴν θεραπείαν εἰς πλείστους ἀσθενεῖς καὶ τὰ ἀποτελέσματα ὑπῆρξαν ἐνθαρρυντικά.

Τὸ δικαστήριον ὥρισε πραγματογνώμονας διὰ τὴν ἐξέτασιν τοῦ φαρμάκου.

ΒΑΣΕΙ ΑΠΟΦΑΣΕΩΣ ΤΟΥ ΣΥΜΒΟΥΛΙΟΥ ΕΦΕΤΩΝ ΘΑ ΕΚΔΟΘΟΥΝ ΟΙ ΤΡΕΙΣ ΓΕΡΜΑΝΟΙ ΑΦΟΥ ΔΙΚΑΣΘΟΥΝ ΚΑΙ ΕΙΣ ΤΗΝ ΕΛΛΑΔΑ

ΑΘΗΝΑΙ, 28.— Τὸ συμβούλιον ἐφετῶν ἀπεφάσισε τὴν ἔκδοσιν τῶν τριῶν Γερμανῶν, οἱ ὁποῖοι κατηγοροῦνται διὰ κλοπὴν ἔργων τέχνης, ἀφοῦ ὅμως προηγουμένως δικασθοῦν καὶ ἐκτίσουν τὴν ποινήν των εἰς τὴν Ἑλλάδα.

ΑΘΗΝΑΙ, 28.— Τὸ συμβούλιον ἐφετῶν ἀπεφάσισε τὴν ἔκδοσιν τῶν τριῶν Γερμανῶν, οἱ ὁποῖοι κατηγοροῦνται διὰ κλοπὴν ἔργων τέχνης, ἀφοῦ ὅμως προηγουμένως δικασθοῦν καὶ ἐκτίσουν τὴν ποινήν των εἰς τὴν Ἑλλάδα.

ΤΟΥΡΚΟΙ ΠΟΛΙΤΙΚΟΙ ΗΓΕΤΑΙ ΘΑ ΖΗΤΗΣΟΥΝ ΕΠΙΣΠΕΥΣΙΝ ΤΩΝ ΒΟΥΛΕΥΤΙΚΩΝ ΕΚΛΟΓΩΝ
ΣΥΝΕΧΕΙΑ ΕΚ ΤΗΣ ΣΕΛ.

Ἄκαρπος ἀπέβη καὶ ἡ ἐνδεκάτη ψηφοφορία εἰς τὴν Ἐθνοσυνέλευσιν διὰ τὴν ἐκλογὴν τοῦ προέδρου τῆς Τουρκικῆς Δημοκρατίας.

ΑΓΚΥΡΑ, 28. (Ρώυτερ).— Οἱ ἀρχηγοὶ τῶν πολιτικῶν κομμάτων θὰ ζητήσουν τὴν ἐπίσπευσιν τῶν βουλευτικῶν ἐκλογῶν, ἐὰν δὲν ἐπιτευχθῆ συμφωνία διὰ τὸν νέον πρόεδρον.

Ὁ κ. Σουνάϋ ἐλαβε εἰς τὴν χθεσινὴν ψηφοφορίαν 318 ψήφους, ἐνῷ ἀπητοῦντο 319.

Ἄκαρπος ἀπέβη καὶ ἡ ἐνδεκάτη ψηφοφορία εἰς τὴν Ἐθνοσυνέλευσιν διὰ τὴν ἐκλογὴν τοῦ προέδρου τῆς Τουρκικῆς Δημοκρατίας.

ΑΓΚΥΡΑ, 28. (Ρώυτερ).— Οἱ ἀρχηγοὶ τῶν πολιτικῶν κομμάτων θὰ ζητήσουν τὴν ἐπίσπευσιν τῶν βουλευτικῶν ἐκλογῶν, ἐὰν δὲν ἐπιτευχθῆ συμφωνία διὰ τὸν νέον πρόεδρον.

ΟΙ ΛΟΓΟΙ ΤΗΣ ΠΤΩΣΕΩΣ

Ὁ κ. Σουνάϋ ἐλαβε εἰς τὴν χθεσινὴν ψηφοφορίαν 318 ψήφους, ἐνῷ ἀπητοῦντο 319.

Ἄκαρπος ἀπέβη καὶ ἡ ἐνδεκάτη ψηφοφορία εἰς τὴν Ἐθνοσυνέλευσιν διὰ τὴν ἐκλογὴν τοῦ προέδρου τῆς Τουρκικῆς Δημοκρατίας.

ΑΓΚΥΡΑ, 28. (Ρώυτερ).— Οἱ ἀρχηγοὶ τῶν πολιτικῶν κομμάτων θὰ ζητήσουν τὴν ἐπίσπευσιν τῶν βουλευτικῶν ἐκλογῶν, ἐὰν δὲν ἐπιτευχθῆ συμφωνία διὰ τὸν νέον πρόεδρον.

ΕΠΙΣΠΕΥΣΙΣ ΕΚΛΟΓΩΝ

ΑΓΚΥΡΑ, 28. (Ἀσσ. Πρέσ).— Δύο βουλευταὶ τοῦ Δημοκρατικοῦ Κόμματος προτείνουν τὴν διενέργειαν ἐκλογῶν τὸν προσεχῆ Ὀκτώβριον.

Εἰρηνικαὶ αἱ προθέσεις τῆς Σοβ. Ἑνώσεως εἰς τὸν διεθνῆ στίβον
ΕΜΦΑΝΤΙΚΗ ΔΗΛΩΣΙΣ ΤΟΥ ΓΡΕΤΣΚΟ ΕΙΣ ΤΟ ΣΥΝΕΔΡΙΟΝ ΚΟΜΙΣΑΡΙΩΝ

ΜΟΣΧΑ, 28. (Ρώυτερ).— Ὁ ὑπουργὸς Ἀμύνης τῆς Σοβιετικῆς Ἑνώσεως στρατάρχης Γκρέτσκο, ὁμιλῶν εἰς τὸ συνέδριον τῶν πολιτικῶν κομισαρίων τοῦ στρατοῦ, ἐτόνισεν ὅτι αἱ προθέσεις τῆς χώρας του εἶναι εἰρηνικαί.

Ὁ στρατάρχης ἀνέφερεν ὅτι ἡ Σοβιετικὴ Ἕνωσις ἐπιδιώκει τὴν ὕφεσιν εἰς τὰς διεθνεῖς σχέσεις, χωρὶς ὅμως νὰ παραμελῆ τὴν ἀμυντικήν της ἰσχύν.

ΜΟΣΧΑ, 28. (Ρώυτερ).— Ὁ ὑπουργὸς Ἀμύνης τῆς Σοβιετικῆς Ἑνώσεως στρατάρχης Γκρέτσκο, ὁμιλῶν εἰς τὸ συνέδριον τῶν πολιτικῶν κομισαρίων τοῦ στρατοῦ, ἐτόνισεν ὅτι αἱ προθέσεις τῆς χώρας του εἶναι εἰρηνικαί.

Ὁ στρατάρχης ἀνέφερεν ὅτι ἡ Σοβιετικὴ Ἕνωσις ἐπιδιώκει τὴν ὕφεσιν εἰς τὰς διεθνεῖς σχέσεις, χωρὶς ὅμως νὰ παραμελῆ τὴν ἀμυντικήν της ἰσχύν.
